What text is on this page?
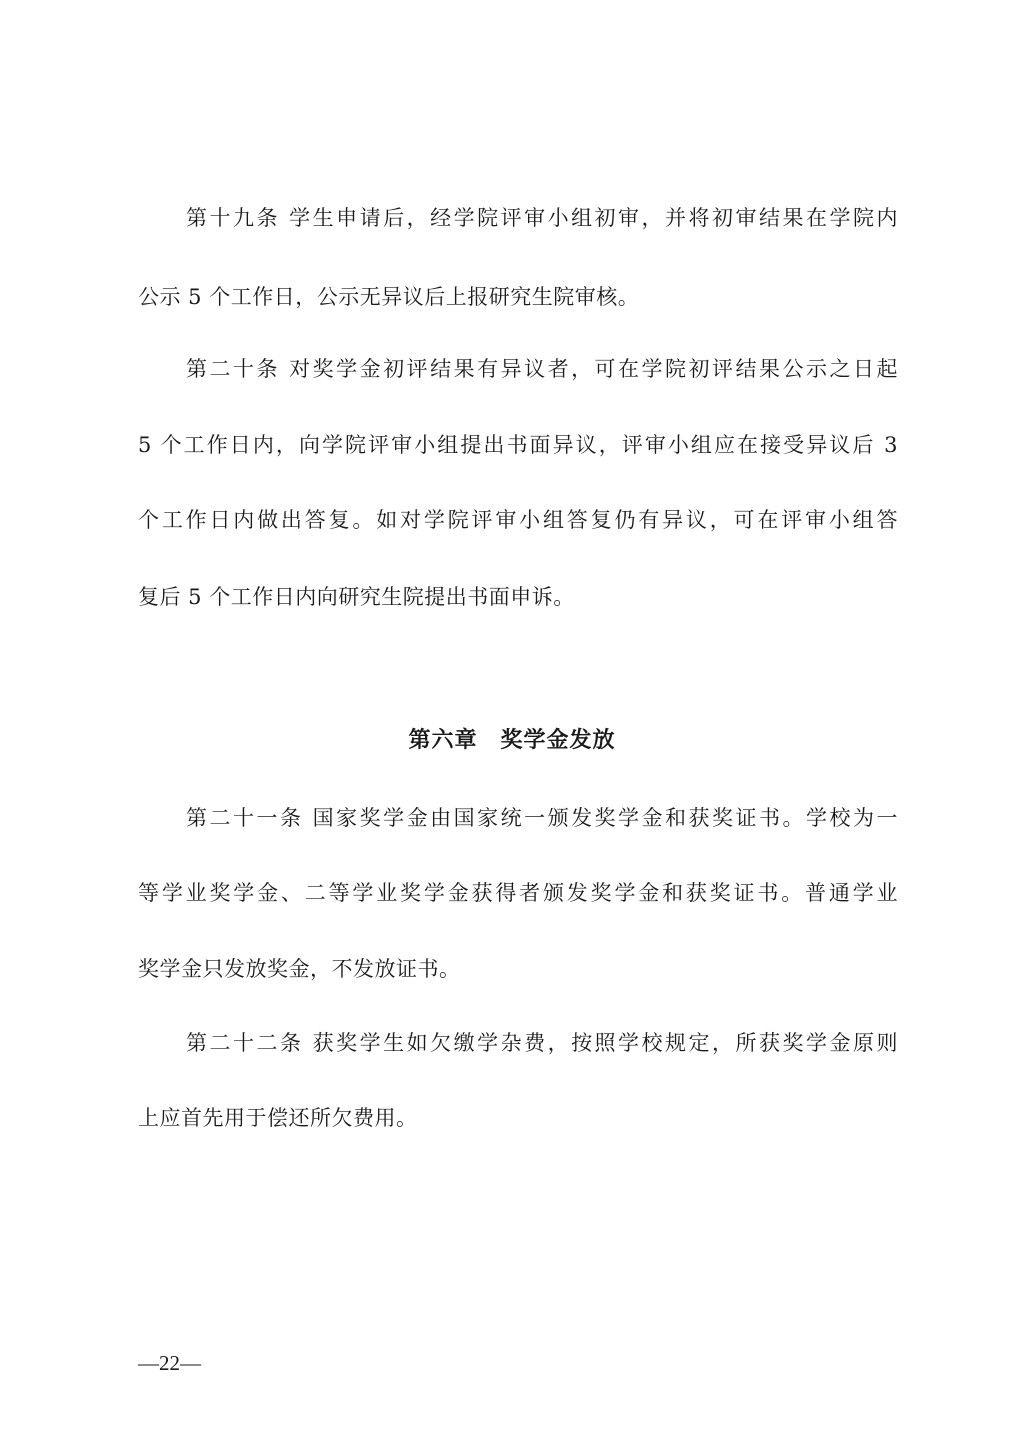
第十九条 学生申请后，经学院评审小组初审，并将初审结果在学院内
公示 5 个工作日，公示无异议后上报研究生院审核。
第二十条 对奖学金初评结果有异议者，可在学院初评结果公示之日起
5 个工作日内，向学院评审小组提出书面异议，评审小组应在接受异议后 3
个工作日内做出答复。如对学院评审小组答复仍有异议，可在评审小组答
复后 5 个工作日内向研究生院提出书面申诉。
第六章　奖学金发放
第二十一条 国家奖学金由国家统一颁发奖学金和获奖证书。学校为一
等学业奖学金、二等学业奖学金获得者颁发奖学金和获奖证书。普通学业
奖学金只发放奖金，不发放证书。
第二十二条 获奖学生如欠缴学杂费，按照学校规定，所获奖学金原则
上应首先用于偿还所欠费用。
—22—
